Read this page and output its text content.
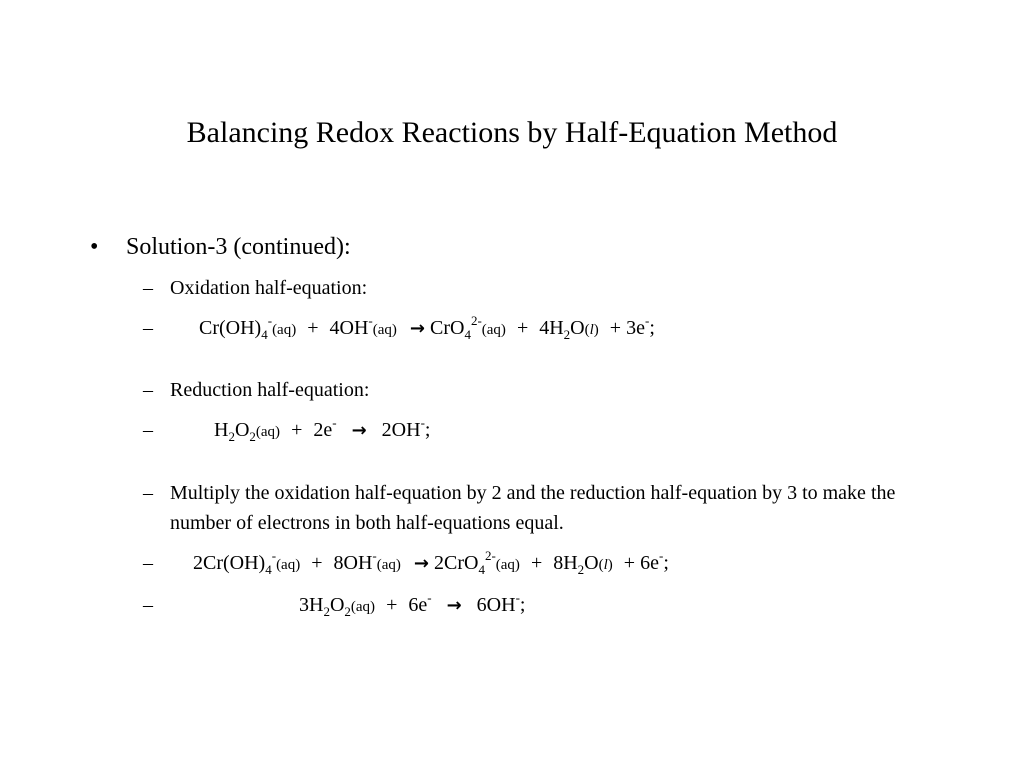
Balancing Redox Reactions by Half-Equation Method
• Solution-3 (continued):
– Oxidation half-equation:
– $Cr(OH)_4^-(aq) + 4OH^-(aq) \to CrO_4^{2-}(aq) + 4H_2O(l) + 3e^-$;
– Reduction half-equation:
–	$H_2O_2(aq) + 2e^- \to 2OH^-$;
– Multiply the oxidation half-equation by 2 and the reduction half-equation by 3 to make the number of electrons in both half-equations equal.
– $2Cr(OH)_4^-(aq) + 8OH^-(aq) \to 2CrO_4^{2-}(aq) + 8H_2O(l) + 6e^-$;
–	$3H_2O_2(aq) + 6e^- \to 6OH^-$;
